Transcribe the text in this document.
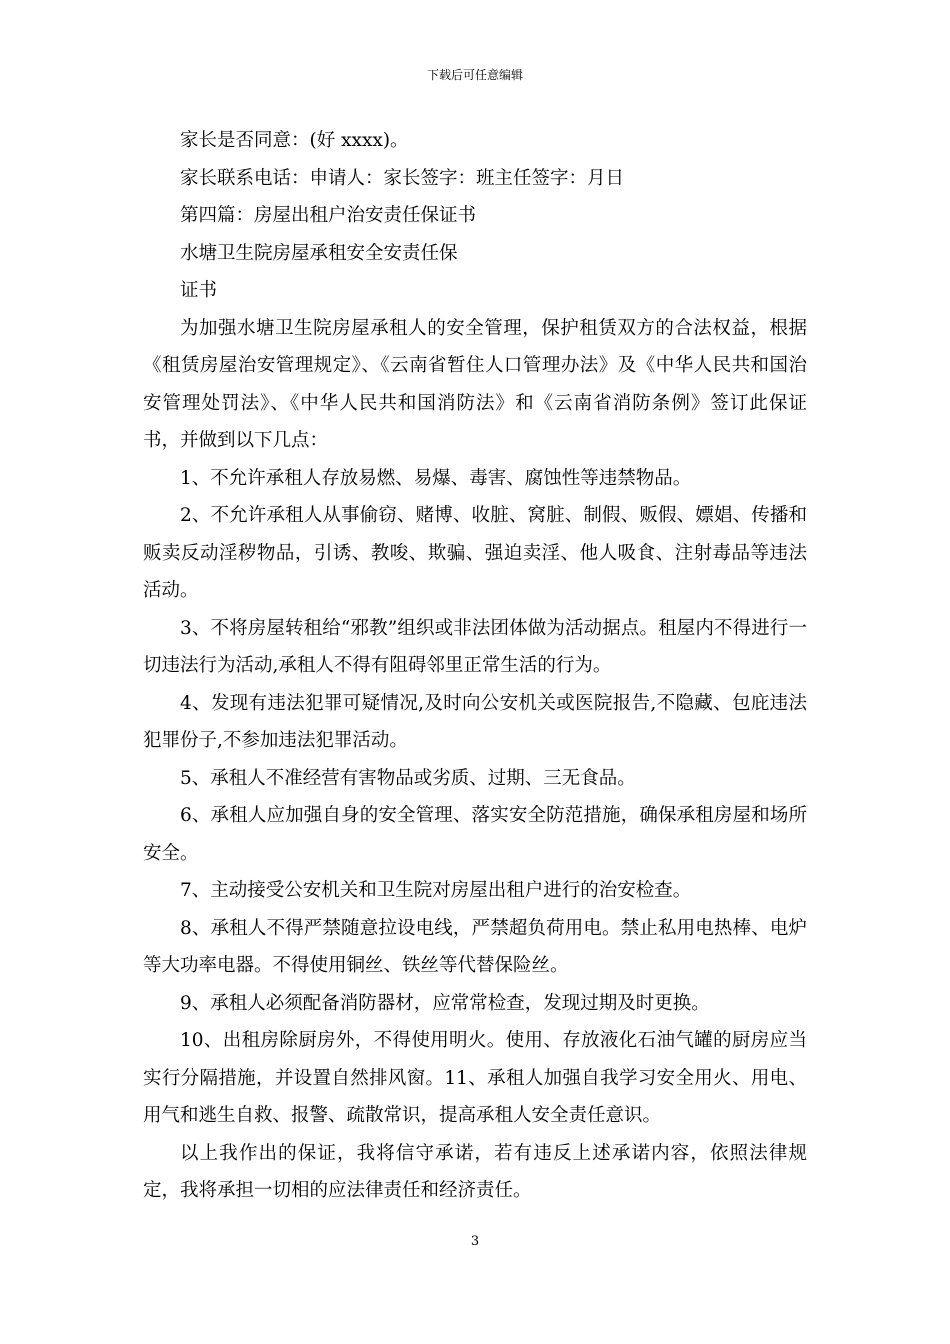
下载后可任意编辑

家长是否同意：(好 xxxx)。

家长联系电话：申请人：家长签字：班主任签字：月日

第四篇：房屋出租户治安责任保证书

水塘卫生院房屋承租安全安责任保

证书

为加强水塘卫生院房屋承租人的安全管理，保护租赁双方的合法权益，根据《租赁房屋治安管理规定》、《云南省暂住人口管理办法》及《中华人民共和国治安管理处罚法》、《中华人民共和国消防法》和《云南省消防条例》签订此保证书，并做到以下几点：

1、不允许承租人存放易燃、易爆、毒害、腐蚀性等违禁物品。

2、不允许承租人从事偷窃、赌博、收脏、窝脏、制假、贩假、嫖娼、传播和贩卖反动淫秽物品，引诱、教唆、欺骗、强迫卖淫、他人吸食、注射毒品等违法活动。

3、不将房屋转租给“邪教”组织或非法团体做为活动据点。租屋内不得进行一切违法行为活动,承租人不得有阻碍邻里正常生活的行为。

4、发现有违法犯罪可疑情况,及时向公安机关或医院报告,不隐藏、包庇违法犯罪份子,不参加违法犯罪活动。

5、承租人不准经营有害物品或劣质、过期、三无食品。

6、承租人应加强自身的安全管理、落实安全防范措施，确保承租房屋和场所安全。

7、主动接受公安机关和卫生院对房屋出租户进行的治安检查。

8、承租人不得严禁随意拉设电线，严禁超负荷用电。禁止私用电热棒、电炉等大功率电器。不得使用铜丝、铁丝等代替保险丝。

9、承租人必须配备消防器材，应常常检查，发现过期及时更换。

10、出租房除厨房外，不得使用明火。使用、存放液化石油气罐的厨房应当实行分隔措施，并设置自然排风窗。11、承租人加强自我学习安全用火、用电、用气和逃生自救、报警、疏散常识，提高承租人安全责任意识。

以上我作出的保证，我将信守承诺，若有违反上述承诺内容，依照法律规定，我将承担一切相的应法律责任和经济责任。

3
